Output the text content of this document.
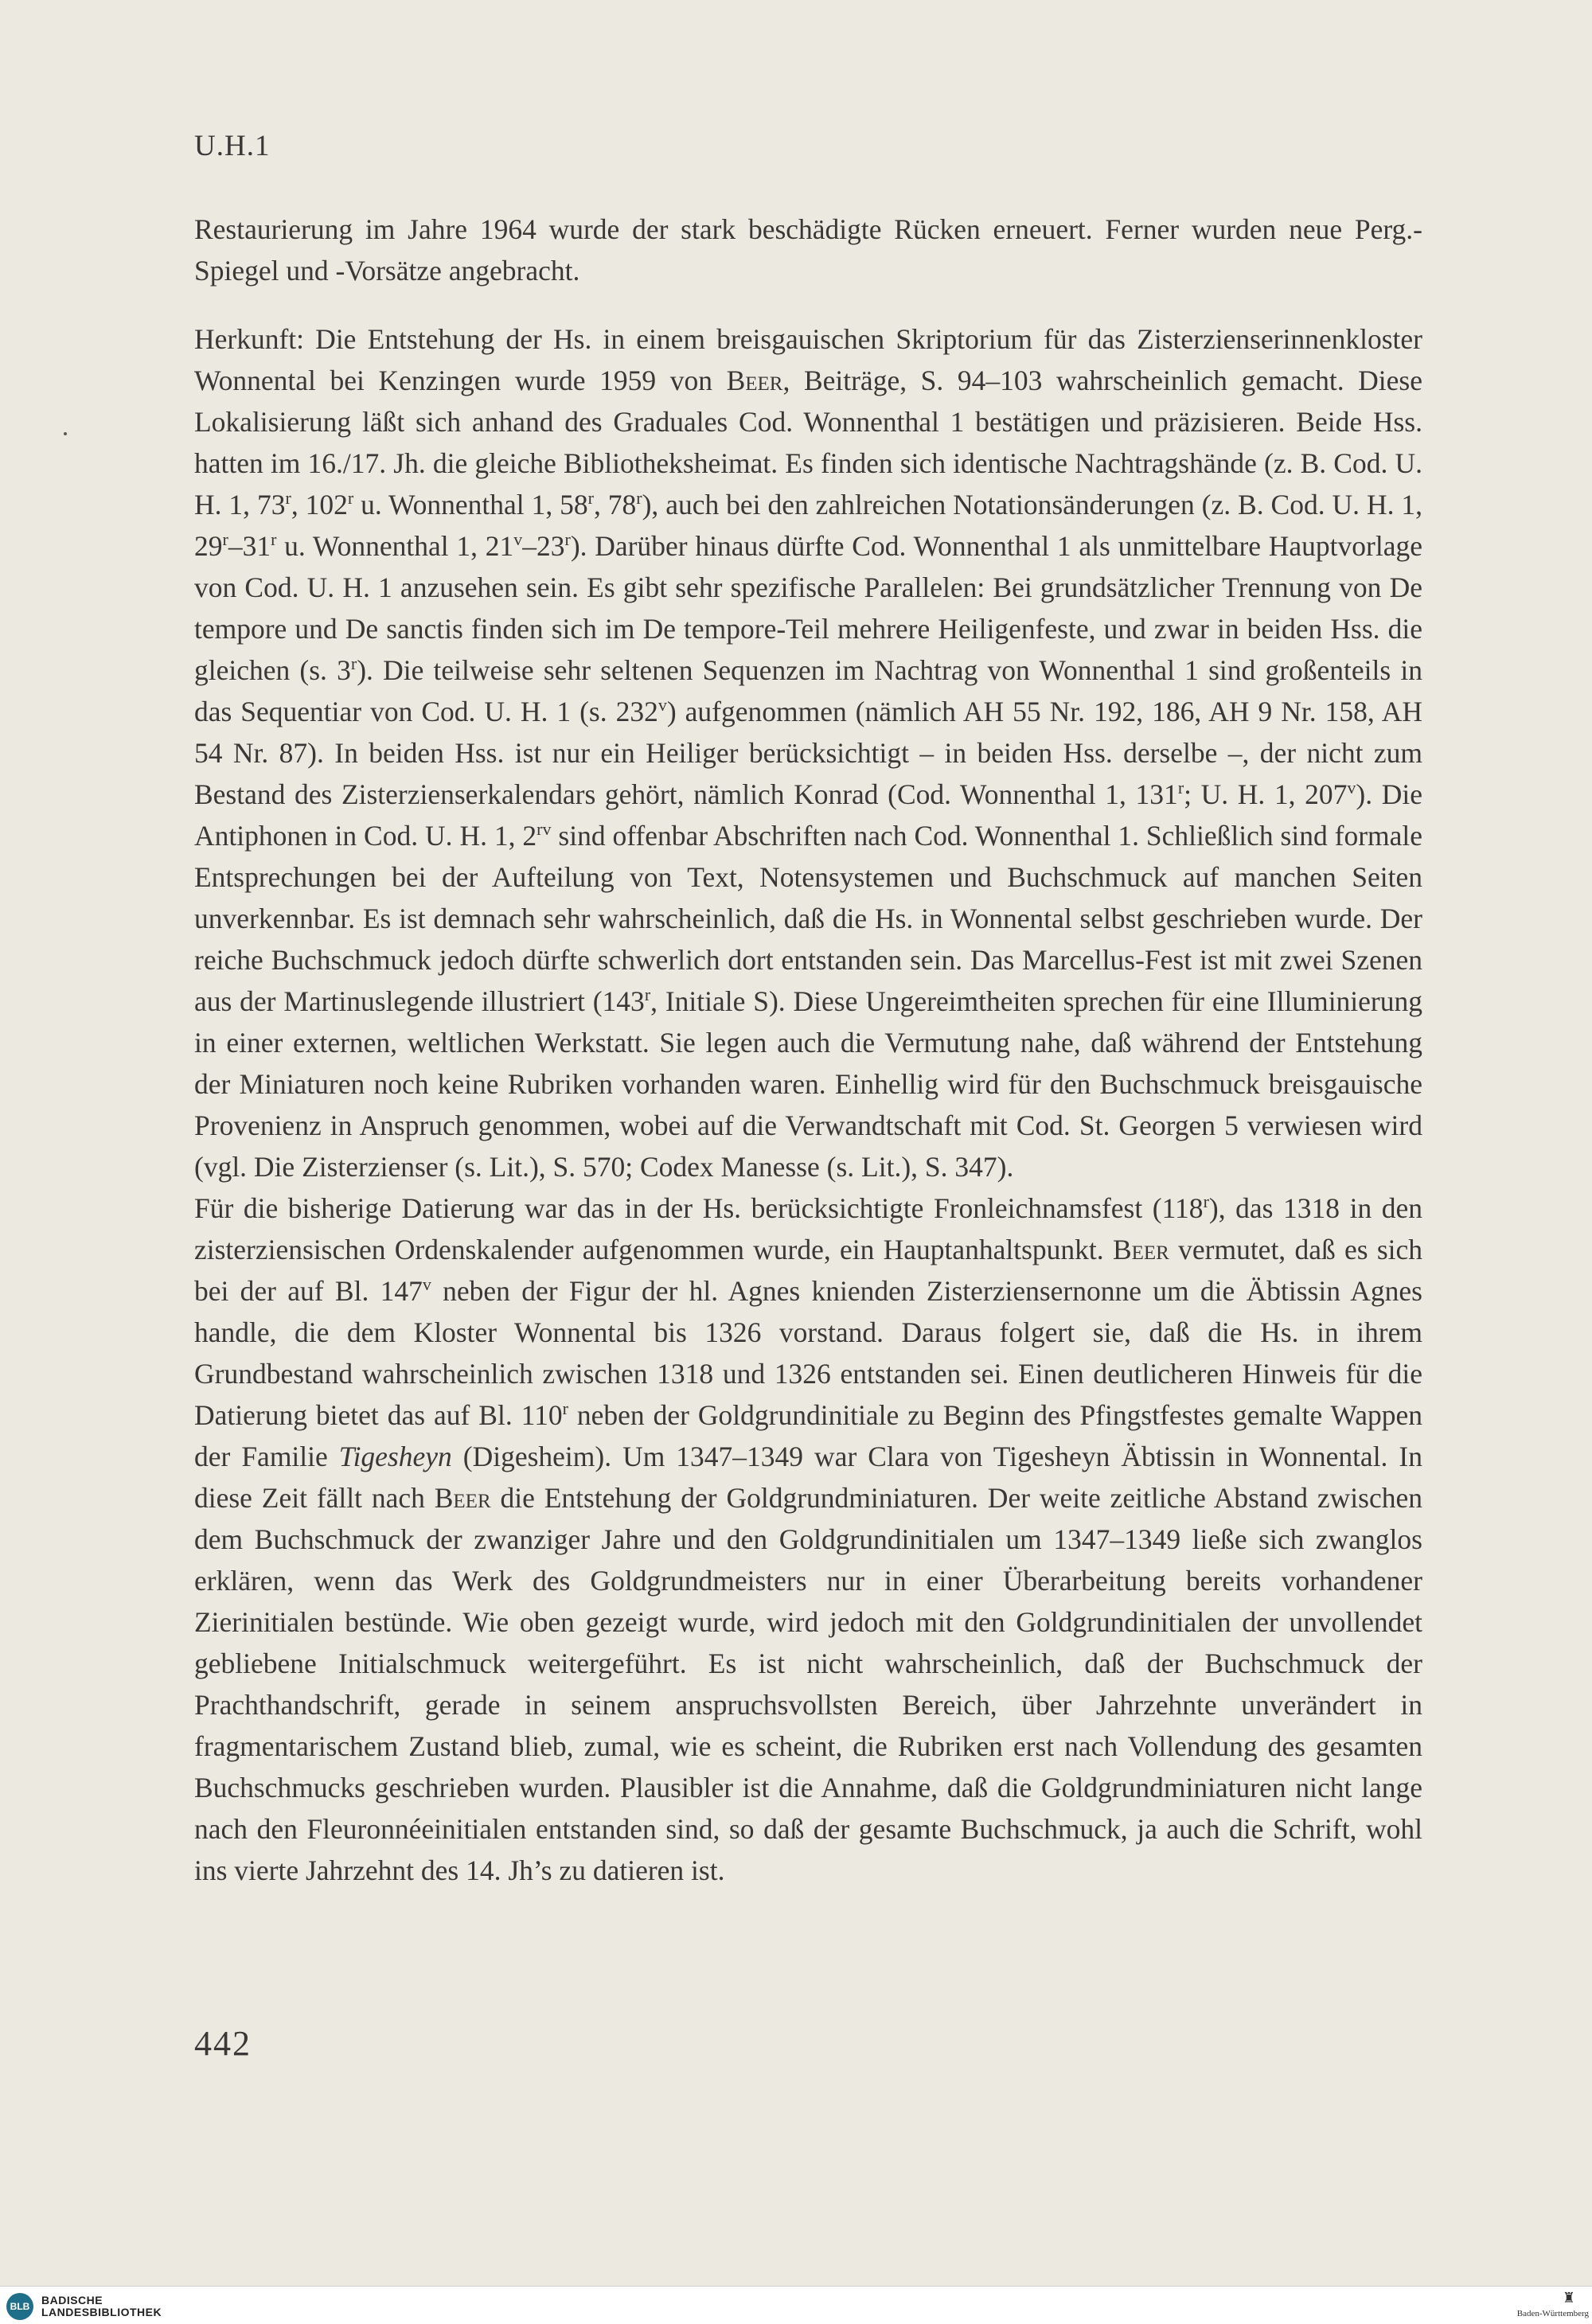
U.H.1

Restaurierung im Jahre 1964 wurde der stark beschädigte Rücken erneuert. Ferner wurden neue Perg.-Spiegel und -Vorsätze angebracht.

Herkunft: Die Entstehung der Hs. in einem breisgauischen Skriptorium für das Zisterzienserinnenkloster Wonnental bei Kenzingen wurde 1959 von Beer, Beiträge, S. 94–103 wahrscheinlich gemacht. Diese Lokalisierung läßt sich anhand des Graduales Cod. Wonnenthal 1 bestätigen und präzisieren. Beide Hss. hatten im 16./17. Jh. die gleiche Bibliotheksheimat. Es finden sich identische Nachtragshände (z. B. Cod. U. H. 1, 73$^r$, 102$^r$ u. Wonnenthal 1, 58$^r$, 78$^r$), auch bei den zahlreichen Notationsänderungen (z. B. Cod. U. H. 1, 29$^r$–31$^r$ u. Wonnenthal 1, 21$^v$–23$^r$). Darüber hinaus dürfte Cod. Wonnenthal 1 als unmittelbare Hauptvorlage von Cod. U. H. 1 anzusehen sein. Es gibt sehr spezifische Parallelen: Bei grundsätzlicher Trennung von De tempore und De sanctis finden sich im De tempore-Teil mehrere Heiligenfeste, und zwar in beiden Hss. die gleichen (s. 3$^r$). Die teilweise sehr seltenen Sequenzen im Nachtrag von Wonnenthal 1 sind großenteils in das Sequentiar von Cod. U. H. 1 (s. 232$^v$) aufgenommen (nämlich AH 55 Nr. 192, 186, AH 9 Nr. 158, AH 54 Nr. 87). In beiden Hss. ist nur ein Heiliger berücksichtigt – in beiden Hss. derselbe –, der nicht zum Bestand des Zisterzienserkalendars gehört, nämlich Konrad (Cod. Wonnenthal 1, 131$^r$; U. H. 1, 207$^v$). Die Antiphonen in Cod. U. H. 1, $2^{rv}$ sind offenbar Abschriften nach Cod. Wonnenthal 1. Schließlich sind formale Entsprechungen bei der Aufteilung von Text, Notensystemen und Buchschmuck auf manchen Seiten unverkennbar. Es ist demnach sehr wahrscheinlich, daß die Hs. in Wonnental selbst geschrieben wurde. Der reiche Buchschmuck jedoch dürfte schwerlich dort entstanden sein. Das Marcellus-Fest ist mit zwei Szenen aus der Martinuslegende illustriert (143$^r$, Initiale S). Diese Ungereimtheiten sprechen für eine Illuminierung in einer externen, weltlichen Werkstatt. Sie legen auch die Vermutung nahe, daß während der Entstehung der Miniaturen noch keine Rubriken vorhanden waren. Einhellig wird für den Buchschmuck breisgauische Provenienz in Anspruch genommen, wobei auf die Verwandtschaft mit Cod. St. Georgen 5 verwiesen wird (vgl. Die Zisterzienser (s. Lit.), S. 570; Codex Manesse (s. Lit.), S. 347).

Für die bisherige Datierung war das in der Hs. berücksichtigte Fronleichnamsfest (118$^r$), das 1318 in den zisterziensischen Ordenskalender aufgenommen wurde, ein Hauptanhaltspunkt. Beer vermutet, daß es sich bei der auf Bl. 147$^v$ neben der Figur der hl. Agnes knienden Zisterziensernonne um die Äbtissin Agnes handle, die dem Kloster Wonnental bis 1326 vorstand. Daraus folgert sie, daß die Hs. in ihrem Grundbestand wahrscheinlich zwischen 1318 und 1326 entstanden sei. Einen deutlicheren Hinweis für die Datierung bietet das auf Bl. 110$^r$ neben der Goldgrundinitiale zu Beginn des Pfingstfestes gemalte Wappen der Familie Tigesheyn (Digesheim). Um 1347–1349 war Clara von Tigesheyn Äbtissin in Wonnental. In diese Zeit fällt nach Beer die Entstehung der Goldgrundminiaturen. Der weite zeitliche Abstand zwischen dem Buchschmuck der zwanziger Jahre und den Goldgrundinitialen um 1347–1349 ließe sich zwanglos erklären, wenn das Werk des Goldgrundmeisters nur in einer Überarbeitung bereits vorhandener Zierinitialen bestünde. Wie oben gezeigt wurde, wird jedoch mit den Goldgrundinitialen der unvollendet gebliebene Initialschmuck weitergeführt. Es ist nicht wahrscheinlich, daß der Buchschmuck der Prachthandschrift, gerade in seinem anspruchsvollsten Bereich, über Jahrzehnte unverändert in fragmentarischem Zustand blieb, zumal, wie es scheint, die Rubriken erst nach Vollendung des gesamten Buchschmucks geschrieben wurden. Plausibler ist die Annahme, daß die Goldgrundminiaturen nicht lange nach den Fleuronnéeinitialen entstanden sind, so daß der gesamte Buchschmuck, ja auch die Schrift, wohl ins vierte Jahrzehnt des 14. Jh’s zu datieren ist.

442
BLB	BADISCHE
LANDESBIBLIOTHEK
♜
Baden-Württemberg
